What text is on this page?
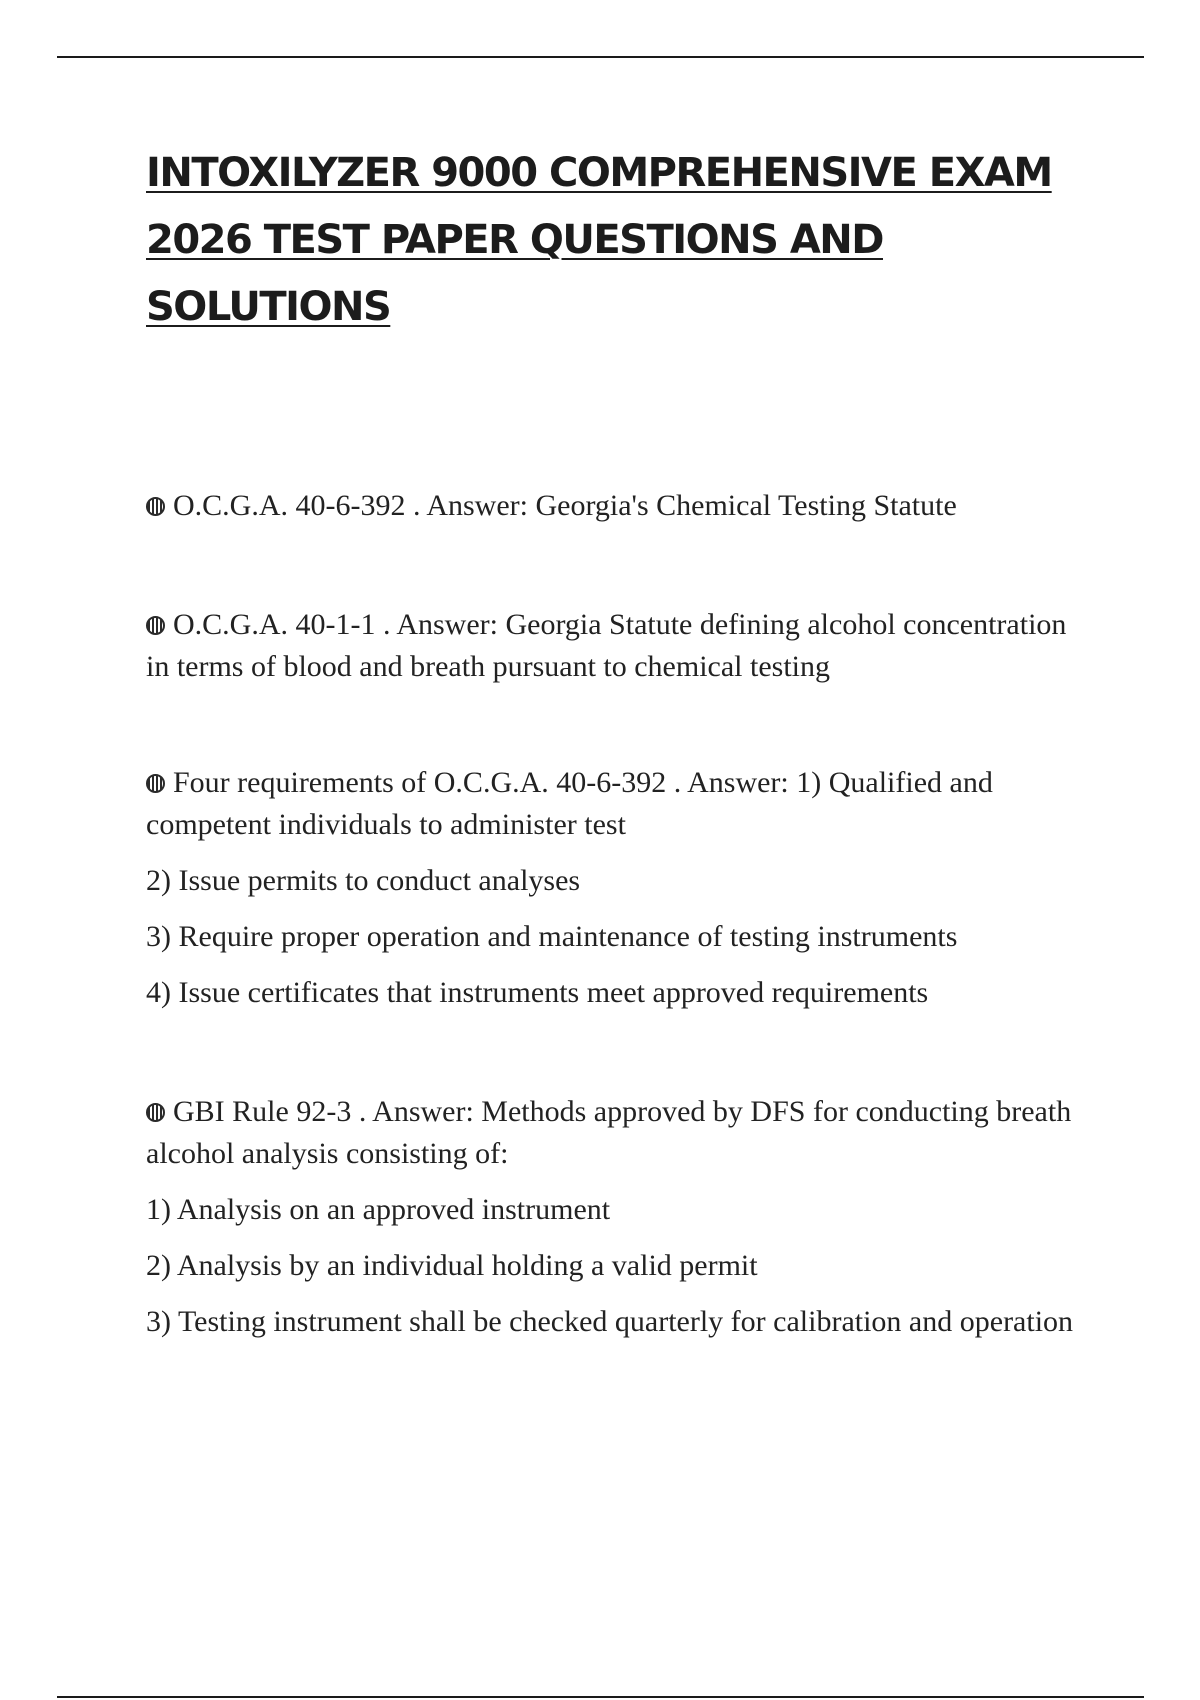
INTOXILYZER 9000 COMPREHENSIVE EXAM 2026 TEST PAPER QUESTIONS AND SOLUTIONS

O.C.G.A. 40-6-392 . Answer: Georgia's Chemical Testing Statute

O.C.G.A. 40-1-1 . Answer: Georgia Statute defining alcohol concentration in terms of blood and breath pursuant to chemical testing

Four requirements of O.C.G.A. 40-6-392 . Answer: 1) Qualified and competent individuals to administer test

2) Issue permits to conduct analyses

3) Require proper operation and maintenance of testing instruments

4) Issue certificates that instruments meet approved requirements

GBI Rule 92-3 . Answer: Methods approved by DFS for conducting breath alcohol analysis consisting of:

1) Analysis on an approved instrument

2) Analysis by an individual holding a valid permit

3) Testing instrument shall be checked quarterly for calibration and operation
